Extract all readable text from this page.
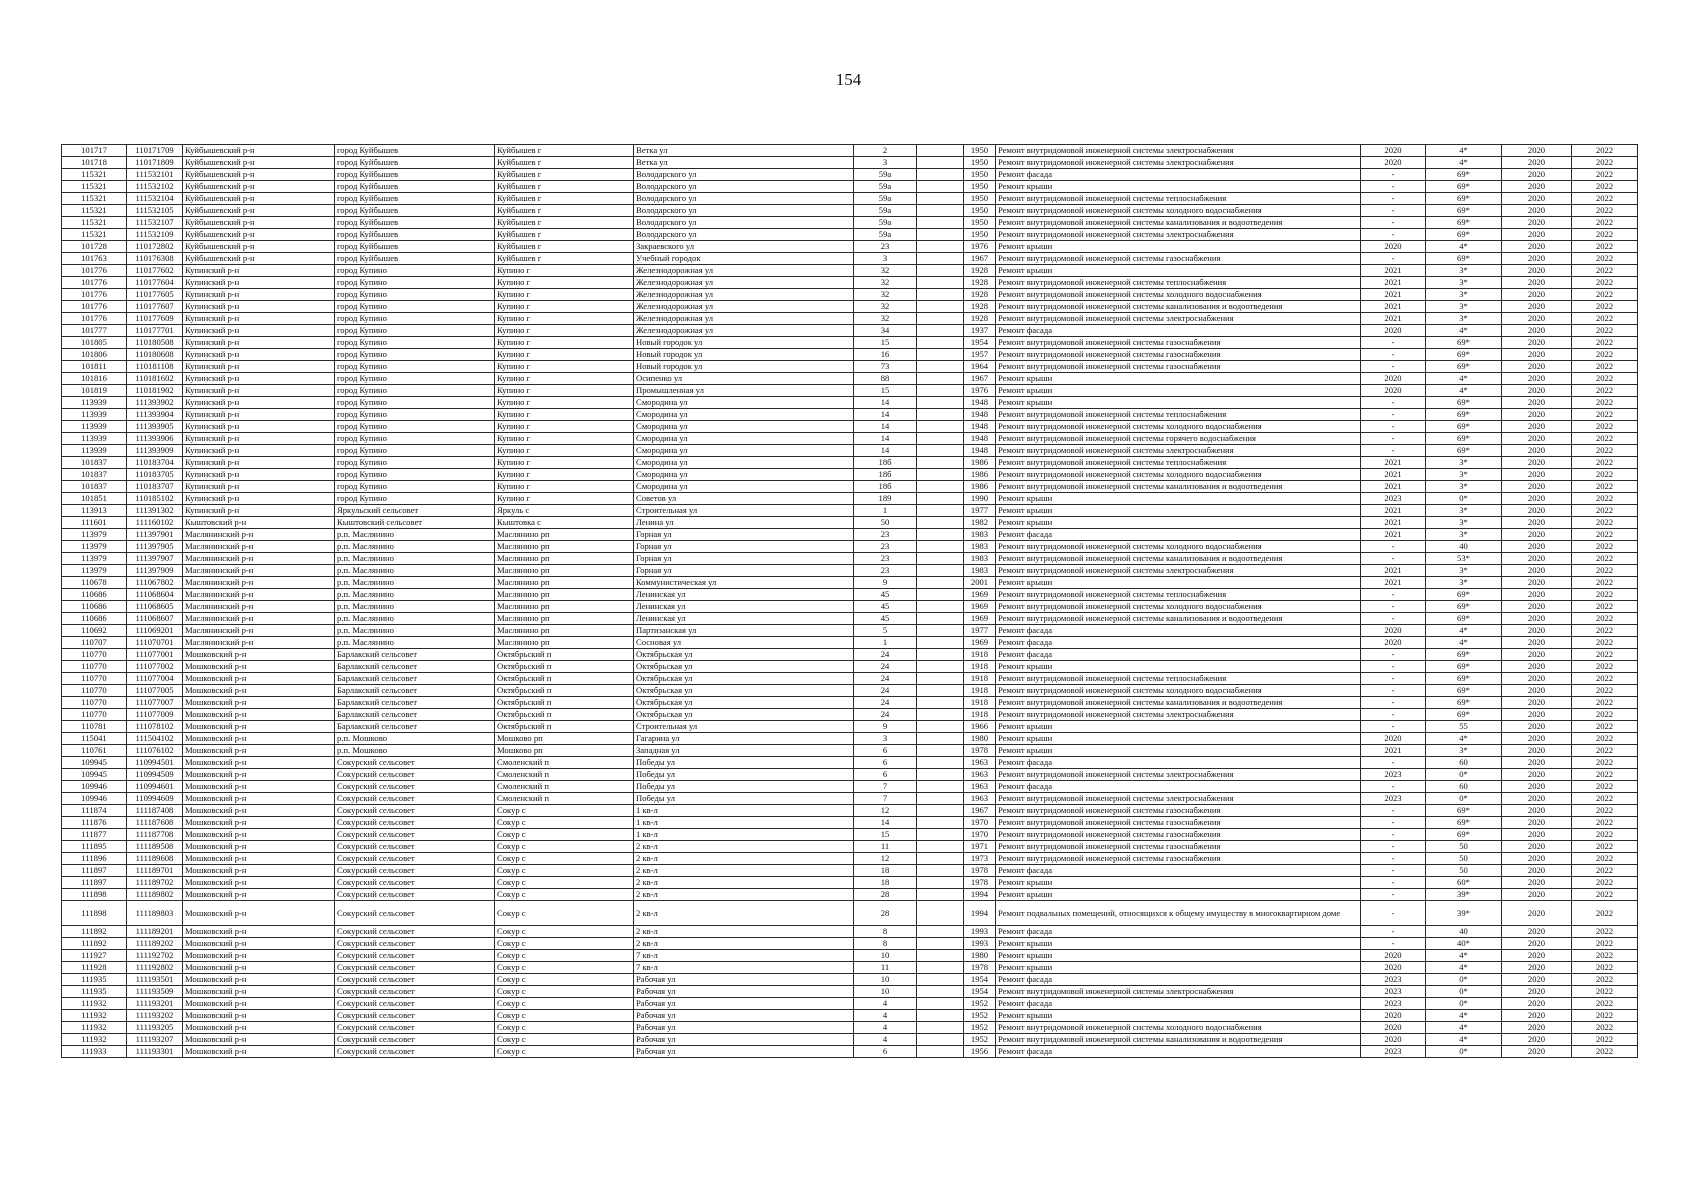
154
101717	110171709	Куйбышевский р-н	город Куйбышев	Куйбышев г	Ветка ул	2		1950	Ремонт внутридомовой инженерной системы электроснабжения	2020	4*	2020	2022
101718	110171809	Куйбышевский р-н	город Куйбышев	Куйбышев г	Ветка ул	3		1950	Ремонт внутридомовой инженерной системы электроснабжения	2020	4*	2020	2022
115321	111532101	Куйбышевский р-н	город Куйбышев	Куйбышев г	Володарского ул	59а		1950	Ремонт фасада	-	69*	2020	2022
115321	111532102	Куйбышевский р-н	город Куйбышев	Куйбышев г	Володарского ул	59а		1950	Ремонт крыши	-	69*	2020	2022
115321	111532104	Куйбышевский р-н	город Куйбышев	Куйбышев г	Володарского ул	59а		1950	Ремонт внутридомовой инженерной системы теплоснабжения	-	69*	2020	2022
115321	111532105	Куйбышевский р-н	город Куйбышев	Куйбышев г	Володарского ул	59а		1950	Ремонт внутридомовой инженерной системы холодного водоснабжения	-	69*	2020	2022
115321	111532107	Куйбышевский р-н	город Куйбышев	Куйбышев г	Володарского ул	59а		1950	Ремонт внутридомовой инженерной системы канализования и водоотведения	-	69*	2020	2022
115321	111532109	Куйбышевский р-н	город Куйбышев	Куйбышев г	Володарского ул	59а		1950	Ремонт внутридомовой инженерной системы электроснабжения	-	69*	2020	2022
101728	110172802	Куйбышевский р-н	город Куйбышев	Куйбышев г	Закраевского ул	23		1976	Ремонт крыши	2020	4*	2020	2022
101763	110176308	Куйбышевский р-н	город Куйбышев	Куйбышев г	Учебный городок	3		1967	Ремонт внутридомовой инженерной системы газоснабжения	-	69*	2020	2022
101776	110177602	Купинский р-н	город Купино	Купино г	Железнодорожная ул	32		1928	Ремонт крыши	2021	3*	2020	2022
101776	110177604	Купинский р-н	город Купино	Купино г	Железнодорожная ул	32		1928	Ремонт внутридомовой инженерной системы теплоснабжения	2021	3*	2020	2022
101776	110177605	Купинский р-н	город Купино	Купино г	Железнодорожная ул	32		1928	Ремонт внутридомовой инженерной системы холодного водоснабжения	2021	3*	2020	2022
101776	110177607	Купинский р-н	город Купино	Купино г	Железнодорожная ул	32		1928	Ремонт внутридомовой инженерной системы канализования и водоотведения	2021	3*	2020	2022
101776	110177609	Купинский р-н	город Купино	Купино г	Железнодорожная ул	32		1928	Ремонт внутридомовой инженерной системы электроснабжения	2021	3*	2020	2022
101777	110177701	Купинский р-н	город Купино	Купино г	Железнодорожная ул	34		1937	Ремонт фасада	2020	4*	2020	2022
101805	110180508	Купинский р-н	город Купино	Купино г	Новый городок ул	15		1954	Ремонт внутридомовой инженерной системы газоснабжения	-	69*	2020	2022
101806	110180608	Купинский р-н	город Купино	Купино г	Новый городок ул	16		1957	Ремонт внутридомовой инженерной системы газоснабжения	-	69*	2020	2022
101811	110181108	Купинский р-н	город Купино	Купино г	Новый городок ул	73		1964	Ремонт внутридомовой инженерной системы газоснабжения	-	69*	2020	2022
101816	110181602	Купинский р-н	город Купино	Купино г	Осипенко ул	88		1967	Ремонт крыши	2020	4*	2020	2022
101819	110181902	Купинский р-н	город Купино	Купино г	Промышленная ул	15		1976	Ремонт крыши	2020	4*	2020	2022
113939	111393902	Купинский р-н	город Купино	Купино г	Смородина ул	14		1948	Ремонт крыши	-	69*	2020	2022
113939	111393904	Купинский р-н	город Купино	Купино г	Смородина ул	14		1948	Ремонт внутридомовой инженерной системы теплоснабжения	-	69*	2020	2022
113939	111393905	Купинский р-н	город Купино	Купино г	Смородина ул	14		1948	Ремонт внутридомовой инженерной системы холодного водоснабжения	-	69*	2020	2022
113939	111393906	Купинский р-н	город Купино	Купино г	Смородина ул	14		1948	Ремонт внутридомовой инженерной системы горячего водоснабжения	-	69*	2020	2022
113939	111393909	Купинский р-н	город Купино	Купино г	Смородина ул	14		1948	Ремонт внутридомовой инженерной системы электроснабжения	-	69*	2020	2022
101837	110183704	Купинский р-н	город Купино	Купино г	Смородина ул	18б		1986	Ремонт внутридомовой инженерной системы теплоснабжения	2021	3*	2020	2022
101837	110183705	Купинский р-н	город Купино	Купино г	Смородина ул	18б		1986	Ремонт внутридомовой инженерной системы холодного водоснабжения	2021	3*	2020	2022
101837	110183707	Купинский р-н	город Купино	Купино г	Смородина ул	18б		1986	Ремонт внутридомовой инженерной системы канализования и водоотведения	2021	3*	2020	2022
101851	110185102	Купинский р-н	город Купино	Купино г	Советов ул	189		1990	Ремонт крыши	2023	0*	2020	2022
113913	111391302	Купинский р-н	Яркульский сельсовет	Яркуль с	Строительная ул	1		1977	Ремонт крыши	2021	3*	2020	2022
111601	111160102	Кыштовский р-н	Кыштовский сельсовет	Кыштовка с	Ленина ул	50		1982	Ремонт крыши	2021	3*	2020	2022
113979	111397901	Маслянинский р-н	р.п. Маслянино	Маслянино рп	Горная ул	23		1983	Ремонт фасада	2021	3*	2020	2022
113979	111397905	Маслянинский р-н	р.п. Маслянино	Маслянино рп	Горная ул	23		1983	Ремонт внутридомовой инженерной системы холодного водоснабжения	-	40	2020	2022
113979	111397907	Маслянинский р-н	р.п. Маслянино	Маслянино рп	Горная ул	23		1983	Ремонт внутридомовой инженерной системы канализования и водоотведения	-	53*	2020	2022
113979	111397909	Маслянинский р-н	р.п. Маслянино	Маслянино рп	Горная ул	23		1983	Ремонт внутридомовой инженерной системы электроснабжения	2021	3*	2020	2022
110678	111067802	Маслянинский р-н	р.п. Маслянино	Маслянино рп	Коммунистическая ул	9		2001	Ремонт крыши	2021	3*	2020	2022
110686	111068604	Маслянинский р-н	р.п. Маслянино	Маслянино рп	Ленинская ул	45		1969	Ремонт внутридомовой инженерной системы теплоснабжения	-	69*	2020	2022
110686	111068605	Маслянинский р-н	р.п. Маслянино	Маслянино рп	Ленинская ул	45		1969	Ремонт внутридомовой инженерной системы холодного водоснабжения	-	69*	2020	2022
110686	111068607	Маслянинский р-н	р.п. Маслянино	Маслянино рп	Ленинская ул	45		1969	Ремонт внутридомовой инженерной системы канализования и водоотведения	-	69*	2020	2022
110692	111069201	Маслянинский р-н	р.п. Маслянино	Маслянино рп	Партизанская ул	5		1977	Ремонт фасада	2020	4*	2020	2022
110707	111070701	Маслянинский р-н	р.п. Маслянино	Маслянино рп	Сосновая ул	1		1969	Ремонт фасада	2020	4*	2020	2022
110770	111077001	Мошковский р-н	Барлакский сельсовет	Октябрьский п	Октябрьская ул	24		1918	Ремонт фасада	-	69*	2020	2022
110770	111077002	Мошковский р-н	Барлакский сельсовет	Октябрьский п	Октябрьская ул	24		1918	Ремонт крыши	-	69*	2020	2022
110770	111077004	Мошковский р-н	Барлакский сельсовет	Октябрьский п	Октябрьская ул	24		1918	Ремонт внутридомовой инженерной системы теплоснабжения	-	69*	2020	2022
110770	111077005	Мошковский р-н	Барлакский сельсовет	Октябрьский п	Октябрьская ул	24		1918	Ремонт внутридомовой инженерной системы холодного водоснабжения	-	69*	2020	2022
110770	111077007	Мошковский р-н	Барлакский сельсовет	Октябрьский п	Октябрьская ул	24		1918	Ремонт внутридомовой инженерной системы канализования и водоотведения	-	69*	2020	2022
110770	111077009	Мошковский р-н	Барлакский сельсовет	Октябрьский п	Октябрьская ул	24		1918	Ремонт внутридомовой инженерной системы электроснабжения	-	69*	2020	2022
110781	111078102	Мошковский р-н	Барлакский сельсовет	Октябрьский п	Строительная ул	9		1966	Ремонт крыши	-	55	2020	2022
115041	111504102	Мошковский р-н	р.п. Мошково	Мошково рп	Гагарина ул	3		1980	Ремонт крыши	2020	4*	2020	2022
110761	111076102	Мошковский р-н	р.п. Мошково	Мошково рп	Западная ул	6		1978	Ремонт крыши	2021	3*	2020	2022
109945	110994501	Мошковский р-н	Сокурский сельсовет	Смоленский п	Победы ул	6		1963	Ремонт фасада	-	60	2020	2022
109945	110994509	Мошковский р-н	Сокурский сельсовет	Смоленский п	Победы ул	6		1963	Ремонт внутридомовой инженерной системы электроснабжения	2023	0*	2020	2022
109946	110994601	Мошковский р-н	Сокурский сельсовет	Смоленский п	Победы ул	7		1963	Ремонт фасада	-	60	2020	2022
109946	110994609	Мошковский р-н	Сокурский сельсовет	Смоленский п	Победы ул	7		1963	Ремонт внутридомовой инженерной системы электроснабжения	2023	0*	2020	2022
111874	111187408	Мошковский р-н	Сокурский сельсовет	Сокур с	1 кв-л	12		1967	Ремонт внутридомовой инженерной системы газоснабжения	-	69*	2020	2022
111876	111187608	Мошковский р-н	Сокурский сельсовет	Сокур с	1 кв-л	14		1970	Ремонт внутридомовой инженерной системы газоснабжения	-	69*	2020	2022
111877	111187708	Мошковский р-н	Сокурский сельсовет	Сокур с	1 кв-л	15		1970	Ремонт внутридомовой инженерной системы газоснабжения	-	69*	2020	2022
111895	111189508	Мошковский р-н	Сокурский сельсовет	Сокур с	2 кв-л	11		1971	Ремонт внутридомовой инженерной системы газоснабжения	-	50	2020	2022
111896	111189608	Мошковский р-н	Сокурский сельсовет	Сокур с	2 кв-л	12		1973	Ремонт внутридомовой инженерной системы газоснабжения	-	50	2020	2022
111897	111189701	Мошковский р-н	Сокурский сельсовет	Сокур с	2 кв-л	18		1978	Ремонт фасада	-	50	2020	2022
111897	111189702	Мошковский р-н	Сокурский сельсовет	Сокур с	2 кв-л	18		1978	Ремонт крыши	-	60*	2020	2022
111898	111189802	Мошковский р-н	Сокурский сельсовет	Сокур с	2 кв-л	28		1994	Ремонт крыши	-	39*	2020	2022
111898	111189803	Мошковский р-н	Сокурский сельсовет	Сокур с	2 кв-л	28		1994	Ремонт подвальных помещений, относящихся к общему имуществу в многоквартирном доме	-	39*	2020	2022
111892	111189201	Мошковский р-н	Сокурский сельсовет	Сокур с	2 кв-л	8		1993	Ремонт фасада	-	40	2020	2022
111892	111189202	Мошковский р-н	Сокурский сельсовет	Сокур с	2 кв-л	8		1993	Ремонт крыши	-	40*	2020	2022
111927	111192702	Мошковский р-н	Сокурский сельсовет	Сокур с	7 кв-л	10		1980	Ремонт крыши	2020	4*	2020	2022
111928	111192802	Мошковский р-н	Сокурский сельсовет	Сокур с	7 кв-л	11		1978	Ремонт крыши	2020	4*	2020	2022
111935	111193501	Мошковский р-н	Сокурский сельсовет	Сокур с	Рабочая ул	10		1954	Ремонт фасада	2023	0*	2020	2022
111935	111193509	Мошковский р-н	Сокурский сельсовет	Сокур с	Рабочая ул	10		1954	Ремонт внутридомовой инженерной системы электроснабжения	2023	0*	2020	2022
111932	111193201	Мошковский р-н	Сокурский сельсовет	Сокур с	Рабочая ул	4		1952	Ремонт фасада	2023	0*	2020	2022
111932	111193202	Мошковский р-н	Сокурский сельсовет	Сокур с	Рабочая ул	4		1952	Ремонт крыши	2020	4*	2020	2022
111932	111193205	Мошковский р-н	Сокурский сельсовет	Сокур с	Рабочая ул	4		1952	Ремонт внутридомовой инженерной системы холодного водоснабжения	2020	4*	2020	2022
111932	111193207	Мошковский р-н	Сокурский сельсовет	Сокур с	Рабочая ул	4		1952	Ремонт внутридомовой инженерной системы канализования и водоотведения	2020	4*	2020	2022
111933	111193301	Мошковский р-н	Сокурский сельсовет	Сокур с	Рабочая ул	6		1956	Ремонт фасада	2023	0*	2020	2022
